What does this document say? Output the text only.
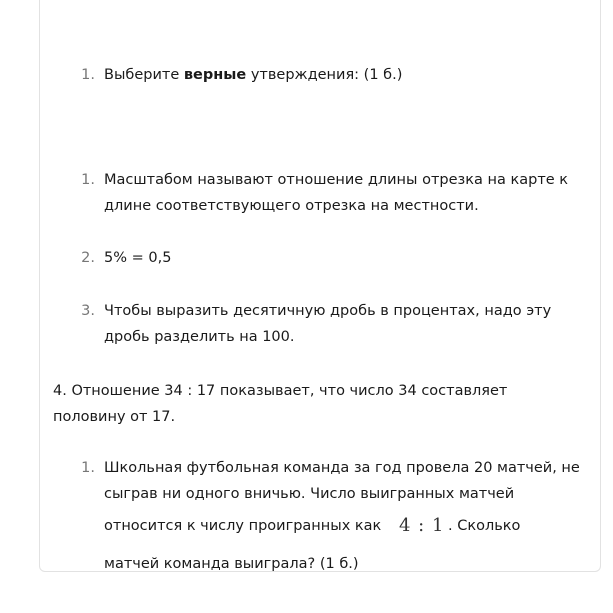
1. Выберите верные утверждения: (1 б.)
1. Масштабом называют отношение длины отрезка на карте к
длине соответствующего отрезка на местности.
2. 5% = 0,5
3. Чтобы выразить десятичную дробь в процентах, надо эту
дробь разделить на 100.
4. Отношение 34 : 17 показывает, что число 34 составляет
половину от 17.
1. Школьная футбольная команда за год провела 20 матчей, не
сыграв ни одного вничью. Число выигранных матчей
относится к числу проигранных как 4 : 1 . Сколько
матчей команда выиграла? (1 б.)
